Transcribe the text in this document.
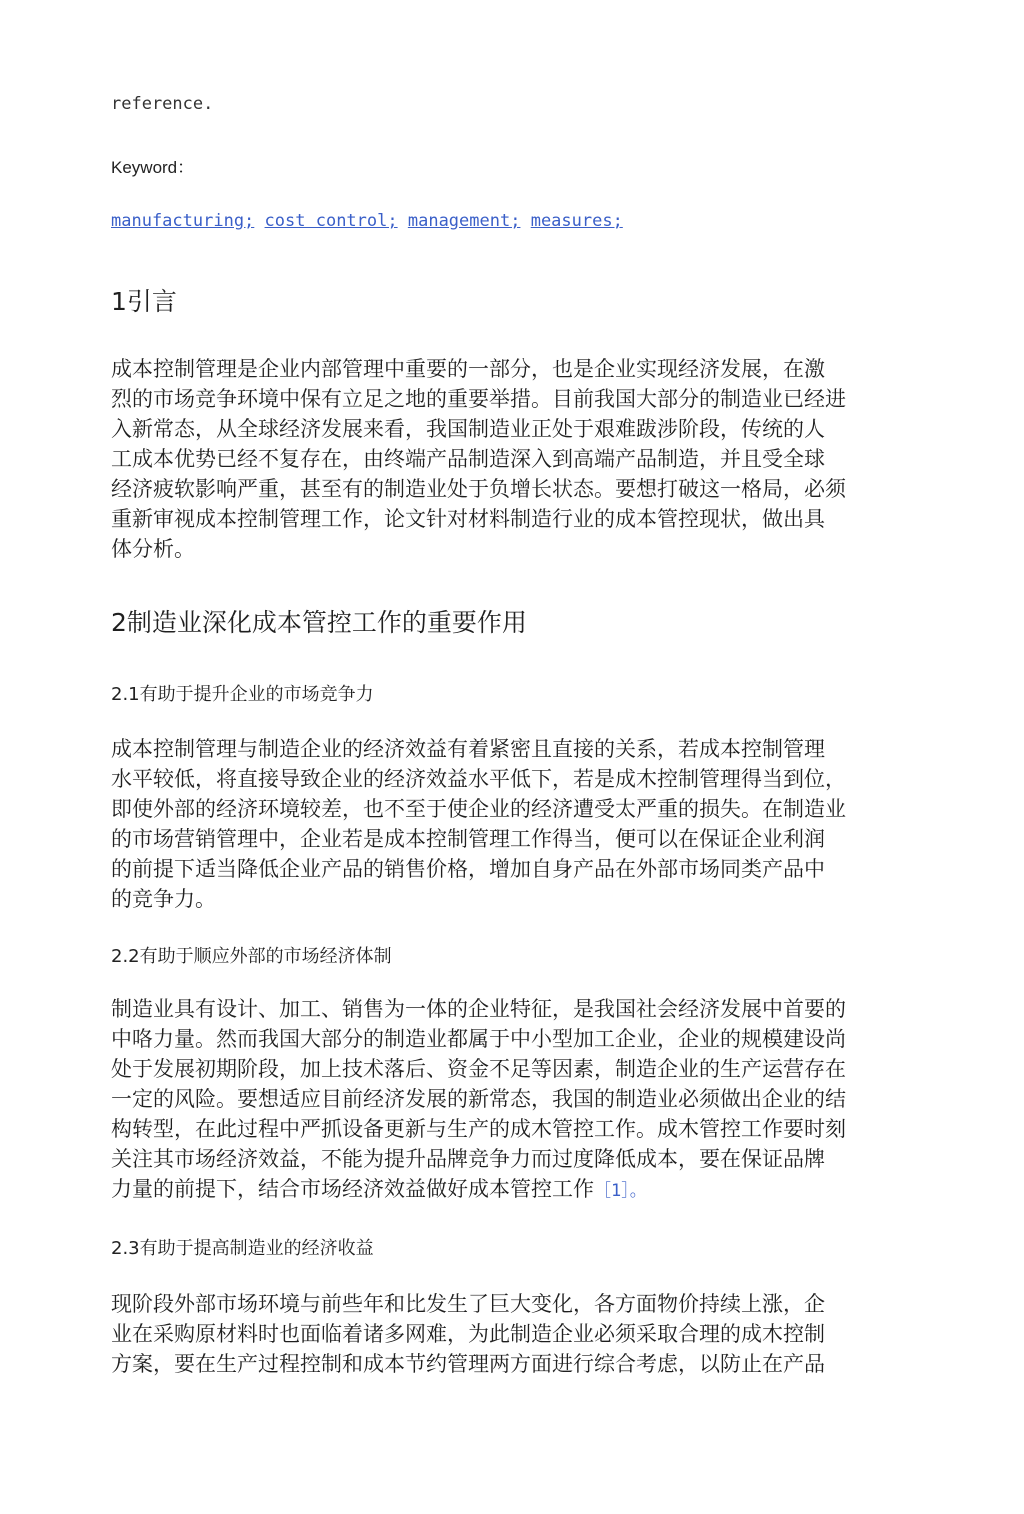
reference.
Keyword：
manufacturing; cost control; management; measures;
1引言

成本控制管理是企业内部管理中重要的一部分，也是企业实现经济发展，在激
烈的市场竞争环境中保有立足之地的重要举措。目前我国大部分的制造业已经进
入新常态，从全球经济发展来看，我国制造业正处于艰难跋涉阶段，传统的人
工成本优势已经不复存在，由终端产品制造深入到高端产品制造，并且受全球
经济疲软影响严重，甚至有的制造业处于负增长状态。要想打破这一格局，必须
重新审视成本控制管理工作，论文针对材料制造行业的成本管控现状，做出具
体分析。

2制造业深化成本管控工作的重要作用
2.1有助于提升企业的市场竞争力

成本控制管理与制造企业的经济效益有着紧密且直接的关系，若成本控制管理
水平较低，将直接导致企业的经济效益水平低下，若是成木控制管理得当到位，
即使外部的经济环境较差，也不至于使企业的经济遭受太严重的损失。在制造业
的市场营销管理中，企业若是成本控制管理工作得当，便可以在保证企业利润
的前提下适当降低企业产品的销售价格，增加自身产品在外部市场同类产品中
的竞争力。

2.2有助于顺应外部的市场经济体制

制造业具有设计、加工、销售为一体的企业特征，是我国社会经济发展中首要的
中咯力量。然而我国大部分的制造业都属于中小型加工企业，企业的规模建设尚
处于发展初期阶段，加上技术落后、资金不足等因素，制造企业的生产运营存在
一定的风险。要想适应目前经济发展的新常态，我国的制造业必须做出企业的结
构转型，在此过程中严抓设备更新与生产的成木管控工作。成木管控工作要时刻
关注其市场经济效益，不能为提升品牌竞争力而过度降低成本，要在保证品牌
力量的前提下，结合市场经济效益做好成本管控工作［1］。

2.3有助于提高制造业的经济收益

现阶段外部市场环境与前些年和比发生了巨大变化，各方面物价持续上涨，企
业在采购原材料时也面临着诸多网难，为此制造企业必须采取合理的成木控制
方案，要在生产过程控制和成本节约管理两方面进行综合考虑，以防止在产品
